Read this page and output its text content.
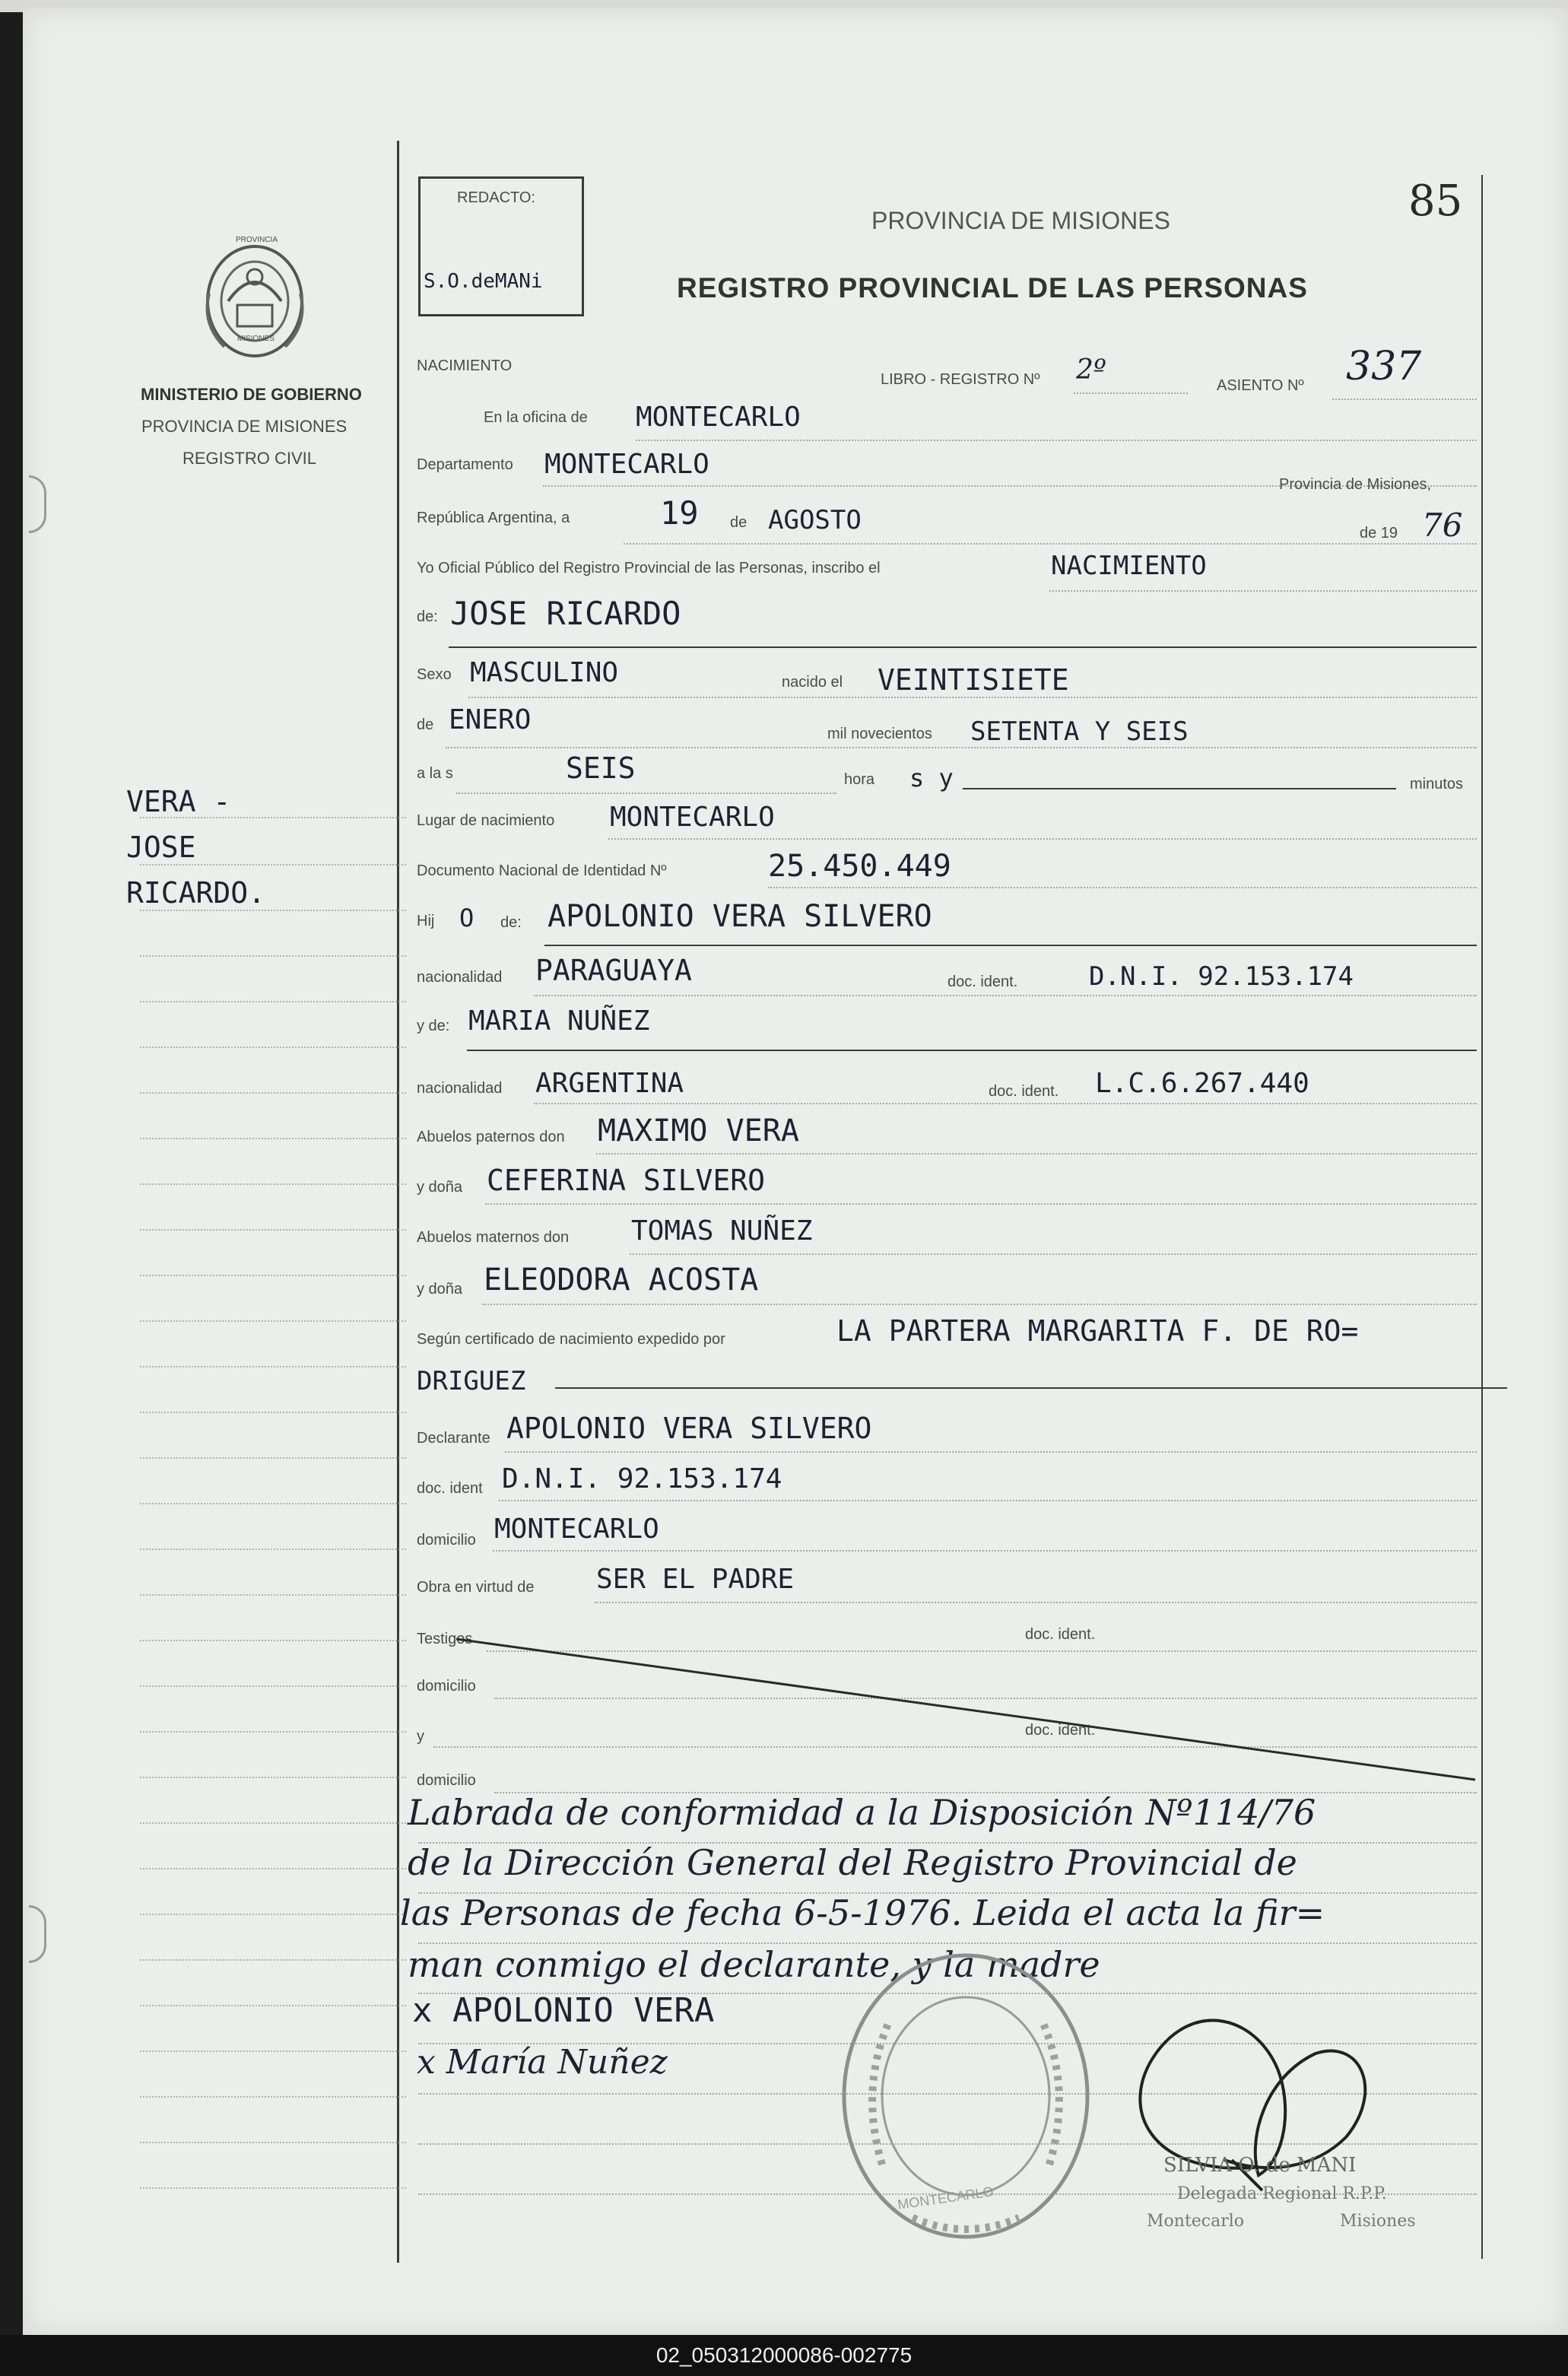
REDACTO:
S.O.deMANi
85
PROVINCIA DE MISIONES
REGISTRO PROVINCIAL DE LAS PERSONAS
PROVINCIA
MISIONES
MINISTERIO DE GOBIERNO
PROVINCIA DE MISIONES
REGISTRO CIVIL
VERA -
JOSE
RICARDO.
NACIMIENTO
LIBRO - REGISTRO Nº 2º	ASIENTO Nº 337
En la oficina de MONTECARLO
Departamento MONTECARLO
Provincia de Misiones,
República Argentina, a	19 de AGOSTO	de 19 76
Yo Oficial Público del Registro Provincial de las Personas, inscribo el	NACIMIENTO
de: JOSE RICARDO
Sexo MASCULINO	nacido el VEINTISIETE
de ENERO	mil novecientos SETENTA Y SEIS
a la s	SEIS	hora s y	minutos
Lugar de nacimiento MONTECARLO
Documento Nacional de Identidad Nº	25.450.449
Hij O de: APOLONIO VERA SILVERO
nacionalidad PARAGUAYA	doc. ident.	D.N.I. 92.153.174
y de: MARIA NUÑEZ
nacionalidad ARGENTINA	doc. ident. L.C.6.267.440
Abuelos paternos don MAXIMO VERA
y doña CEFERINA SILVERO
Abuelos maternos don TOMAS NUÑEZ
y doña ELEODORA ACOSTA
Según certificado de nacimiento expedido por	LA PARTERA MARGARITA F. DE RO=
DRIGUEZ
Declarante APOLONIO VERA SILVERO
doc. ident D.N.I. 92.153.174
domicilio MONTECARLO
Obra en virtud de SER EL PADRE
Testigos	doc. ident.
domicilio
y	doc. ident.
domicilio
Labrada de conformidad a la Disposición Nº114/76
de la Dirección General del Registro Provincial de
las Personas de fecha 6-5-1976. Leida el acta la fir=
man conmigo el declarante, y la madre
x APOLONIO VERA
x María Nuñez
MONTECARLO
SILVIA O. de MANI
Delegada Regional R.P.P.
Montecarlo	Misiones
02_050312000086-002775
